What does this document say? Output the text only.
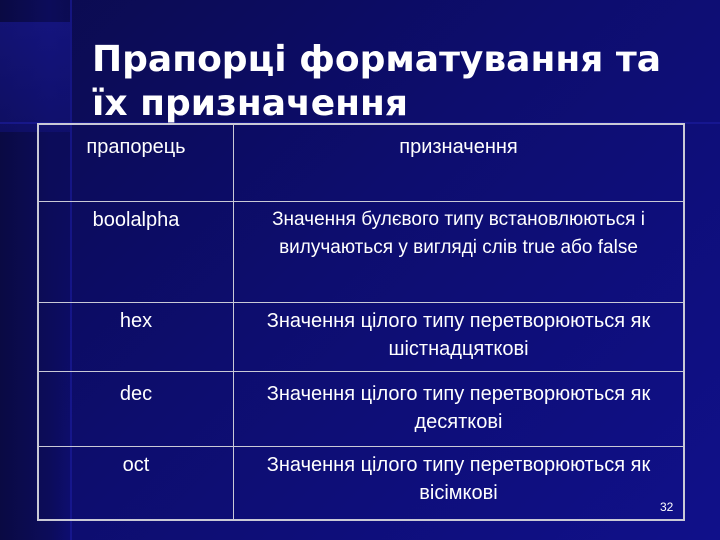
Прапорці форматування та
їх призначення
прапорець	призначення
boolalpha	Значення булєвого типу встановлюються і вилучаються у вигляді слів true або false
hex	Значення цілого типу перетворюються як шістнадцяткові
dec	Значення цілого типу перетворюються як десяткові
oct	Значення цілого типу перетворюються як вісімкові
32
